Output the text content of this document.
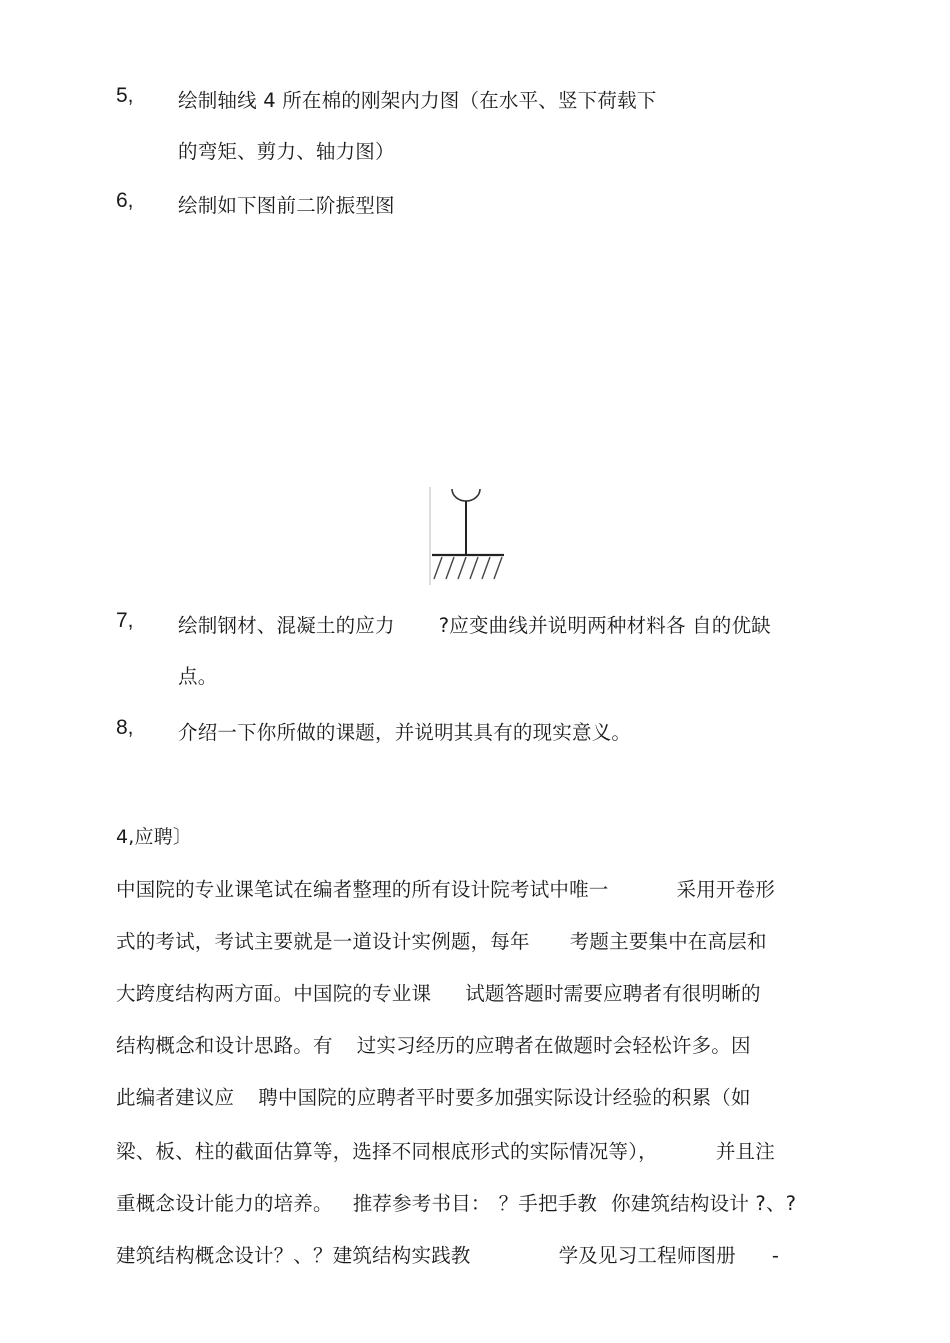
5, 绘制轴线 4 所在棉的刚架内力图（在水平、竖下荷载下
的弯矩、剪力、轴力图）
6, 绘制如下图前二阶振型图
7, 绘制钢材、混凝土的应力 ?应变曲线并说明两种材料各 自的优缺
点。
8, 介绍一下你所做的课题，并说明其具有的现实意义。
4,应聘〕
中国院的专业课笔试在编者整理的所有设计院考试中唯一	采用开卷形
式的考试，考试主要就是一道设计实例题，每年 考题主要集中在高层和
大跨度结构两方面。中国院的专业课 试题答题时需要应聘者有很明晰的
结构概念和设计思路。有 过实习经历的应聘者在做题时会轻松许多。因
此编者建议应 聘中国院的应聘者平时要多加强实际设计经验的积累（如
梁、板、柱的截面估算等，选择不同根底形式的实际情况等），	并且注
重概念设计能力的培养。 推荐参考书目： ？手把手教 你建筑结构设计 ?、?
建筑结构概念设计？、？建筑结构实践教	学及见习工程师图册 -
